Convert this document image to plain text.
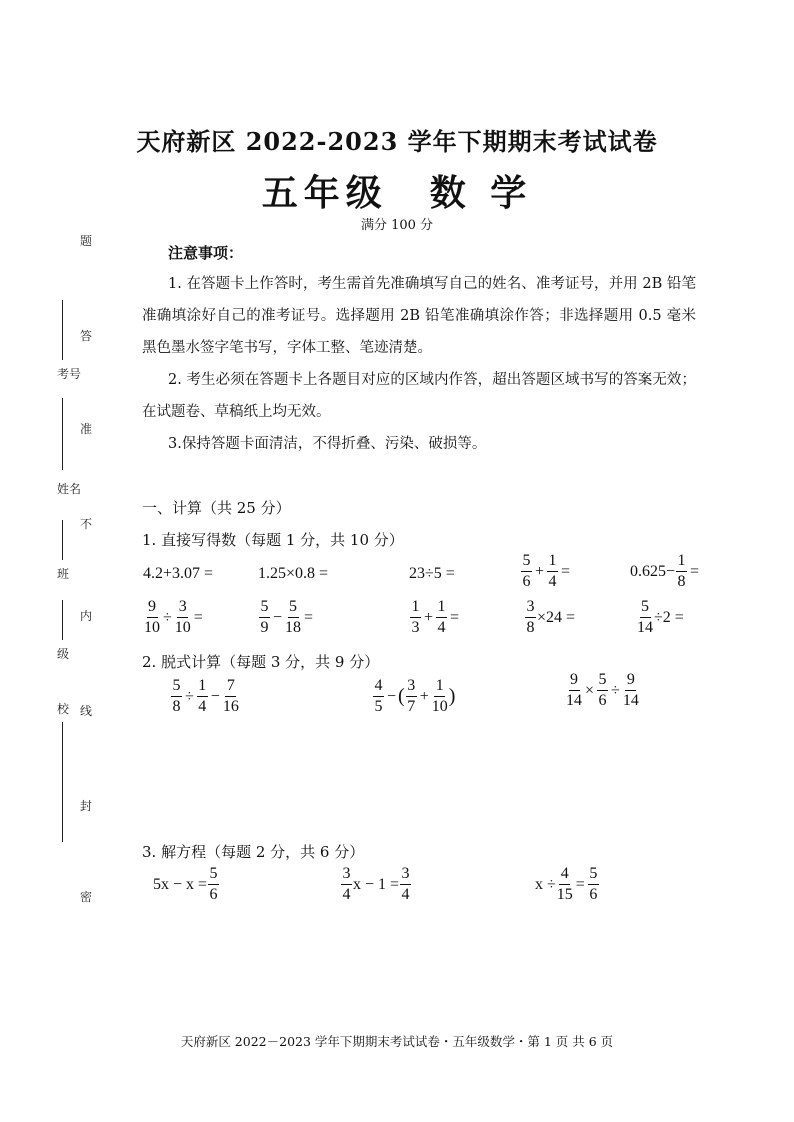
考号
姓名
班
级
校
题
答
准
不
内
线
封
密
天府新区 2022-2023 学年下期期末考试试卷
五年级　数 学
满分 100 分
注意事项：
1. 在答题卡上作答时，考生需首先准确填写自己的姓名、准考证号，并用 2B 铅笔准确填涂好自己的准考证号。选择题用 2B 铅笔准确填涂作答；非选择题用 0.5 毫米黑色墨水签字笔书写，字体工整、笔迹清楚。
2. 考生必须在答题卡上各题目对应的区域内作答，超出答题区域书写的答案无效；在试题卷、草稿纸上均无效。
3.保持答题卡面清洁，不得折叠、污染、破损等。
一、计算（共 25 分）
1. 直接写得数（每题 1 分，共 10 分）
4.2+3.07 =	1.25×0.8 =	23÷5 =	$\frac{5}{6} + \frac{1}{4}$ =	$0.625- \frac{1}{8}$ =
$\frac{9}{10} \div \frac{3}{10}$ =	$\frac{5}{9} - \frac{5}{18}$ =	$\frac{1}{3} + \frac{1}{4}$ =	$\frac{3}{8} \times 24$ =	$\frac{5}{14} \div 2$ =
2. 脱式计算（每题 3 分，共 9 分）
$\frac{5}{8} \div \frac{1}{4} - \frac{7}{16}$	$\frac{4}{5}$ − ( $\frac{3}{7} + \frac{1}{10}$ )	$\frac{9}{14} \times \frac{5}{6} \div \frac{9}{14}$
3. 解方程（每题 2 分，共 6 分）
$5x - x = \frac{5}{6}$	$\frac{3}{4}$ $x - 1 = \frac{3}{4}$	$x \div \frac{4}{15} = \frac{5}{6}$
天府新区 2022－2023 学年下期期末考试试卷・五年级数学・第 1 页 共 6 页
